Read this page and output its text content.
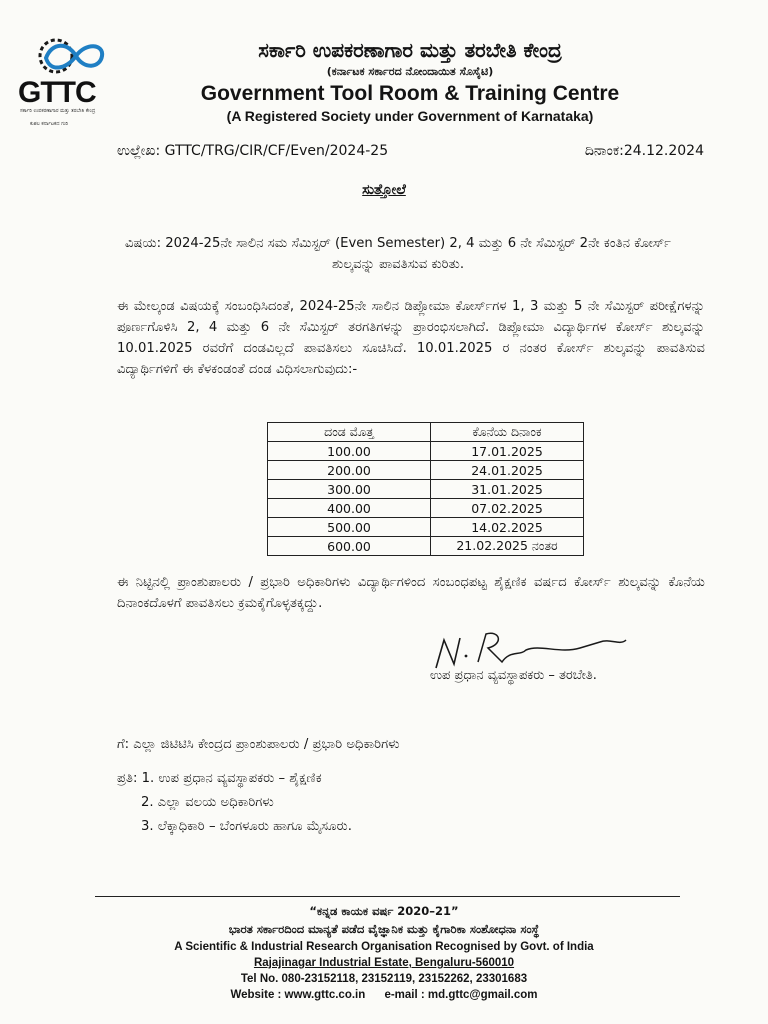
GTTC
ಸರ್ಕಾರಿ ಉಪಕರಣಾಗಾರ ಮತ್ತು ತರಬೇತಿ ಕೇಂದ್ರ
ಕುಶಲ ಕರ್ನಾಟಕದ ಗುರಿ
ಸರ್ಕಾರಿ ಉಪಕರಣಾಗಾರ ಮತ್ತು ತರಬೇತಿ ಕೇಂದ್ರ
(ಕರ್ನಾಟಕ ಸರ್ಕಾರದ ನೋಂದಾಯಿತ ಸೊಸೈಟಿ)
Government Tool Room & Training Centre
(A Registered Society under Government of Karnataka)
ಉಲ್ಲೇಖ: GTTC/TRG/CIR/CF/Even/2024-25	ದಿನಾಂಕ:24.12.2024
ಸುತ್ತೋಲೆ
ವಿಷಯ: 2024-25ನೇ ಸಾಲಿನ ಸಮ ಸೆಮಿಸ್ಟರ್ (Even Semester) 2, 4 ಮತ್ತು 6 ನೇ ಸೆಮಿಸ್ಟರ್ 2ನೇ ಕಂತಿನ ಕೋರ್ಸ್ ಶುಲ್ಕವನ್ನು ಪಾವತಿಸುವ ಕುರಿತು.
ಈ ಮೇಲ್ಕಂಡ ವಿಷಯಕ್ಕೆ ಸಂಬಂಧಿಸಿದಂತೆ, 2024-25ನೇ ಸಾಲಿನ ಡಿಪ್ಲೋಮಾ ಕೋರ್ಸ್‌ಗಳ 1, 3 ಮತ್ತು 5 ನೇ ಸೆಮಿಸ್ಟರ್ ಪರೀಕ್ಷೆಗಳನ್ನು ಪೂರ್ಣಗೊಳಿಸಿ 2, 4 ಮತ್ತು 6 ನೇ ಸೆಮಿಸ್ಟರ್ ತರಗತಿಗಳನ್ನು ಪ್ರಾರಂಭಿಸಲಾಗಿದೆ. ಡಿಪ್ಲೋಮಾ ವಿದ್ಯಾರ್ಥಿಗಳ ಕೋರ್ಸ್ ಶುಲ್ಕವನ್ನು 10.01.2025 ರವರೆಗೆ ದಂಡವಿಲ್ಲದೆ ಪಾವತಿಸಲು ಸೂಚಿಸಿದೆ. 10.01.2025 ರ ನಂತರ ಕೋರ್ಸ್ ಶುಲ್ಕವನ್ನು ಪಾವತಿಸುವ ವಿದ್ಯಾರ್ಥಿಗಳಿಗೆ ಈ ಕೆಳಕಂಡಂತೆ ದಂಡ ವಿಧಿಸಲಾಗುವುದು:-
ದಂಡ ಮೊತ್ತ	ಕೊನೆಯ ದಿನಾಂಕ
100.00	17.01.2025
200.00	24.01.2025
300.00	31.01.2025
400.00	07.02.2025
500.00	14.02.2025
600.00	21.02.2025 ನಂತರ
ಈ ನಿಟ್ಟಿನಲ್ಲಿ ಪ್ರಾಂಶುಪಾಲರು / ಪ್ರಭಾರಿ ಅಧಿಕಾರಿಗಳು ವಿದ್ಯಾರ್ಥಿಗಳಿಂದ ಸಂಬಂಧಪಟ್ಟ ಶೈಕ್ಷಣಿಕ ವರ್ಷದ ಕೋರ್ಸ್ ಶುಲ್ಕವನ್ನು ಕೊನೆಯ ದಿನಾಂಕದೊಳಗೆ ಪಾವತಿಸಲು ಕ್ರಮಕೈಗೊಳ್ಳತಕ್ಕದ್ದು.
N. Ra
ಉಪ ಪ್ರಧಾನ ವ್ಯವಸ್ಥಾಪಕರು – ತರಬೇತಿ.
ಗೆ: ಎಲ್ಲಾ ಜಿಟಿಟಿಸಿ ಕೇಂದ್ರದ ಪ್ರಾಂಶುಪಾಲರು / ಪ್ರಭಾರಿ ಅಧಿಕಾರಿಗಳು
ಪ್ರತಿ: 1. ಉಪ ಪ್ರಧಾನ ವ್ಯವಸ್ಥಾಪಕರು – ಶೈಕ್ಷಣಿಕ
2. ಎಲ್ಲಾ ವಲಯ ಅಧಿಕಾರಿಗಳು
3. ಲೆಕ್ಕಾಧಿಕಾರಿ – ಬೆಂಗಳೂರು ಹಾಗೂ ಮೈಸೂರು.
“ಕನ್ನಡ ಕಾಯಕ ವರ್ಷ 2020–21”
ಭಾರತ ಸರ್ಕಾರದಿಂದ ಮಾನ್ಯತೆ ಪಡೆದ ವೈಜ್ಞಾನಿಕ ಮತ್ತು ಕೈಗಾರಿಕಾ ಸಂಶೋಧನಾ ಸಂಸ್ಥೆ
A Scientific & Industrial Research Organisation Recognised by Govt. of India
Rajajinagar Industrial Estate, Bengaluru-560010
Tel No. 080-23152118, 23152119, 23152262, 23301683
Website : www.gttc.co.in e-mail : md.gttc@gmail.com
